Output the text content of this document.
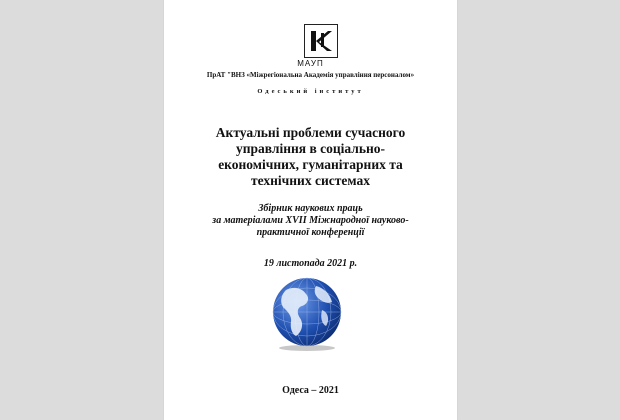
МАУП
ПрАТ "ВНЗ «Міжрегіональна Академія управління персоналом»
Одеський інститут
Актуальні проблеми сучасного
управління в соціально-
економічних, гуманітарних та
технічних системах
Збірник наукових праць
за матеріалами XVII Міжнародної науково-
практичної конференції
19 листопада 2021 р.
Одеса – 2021
